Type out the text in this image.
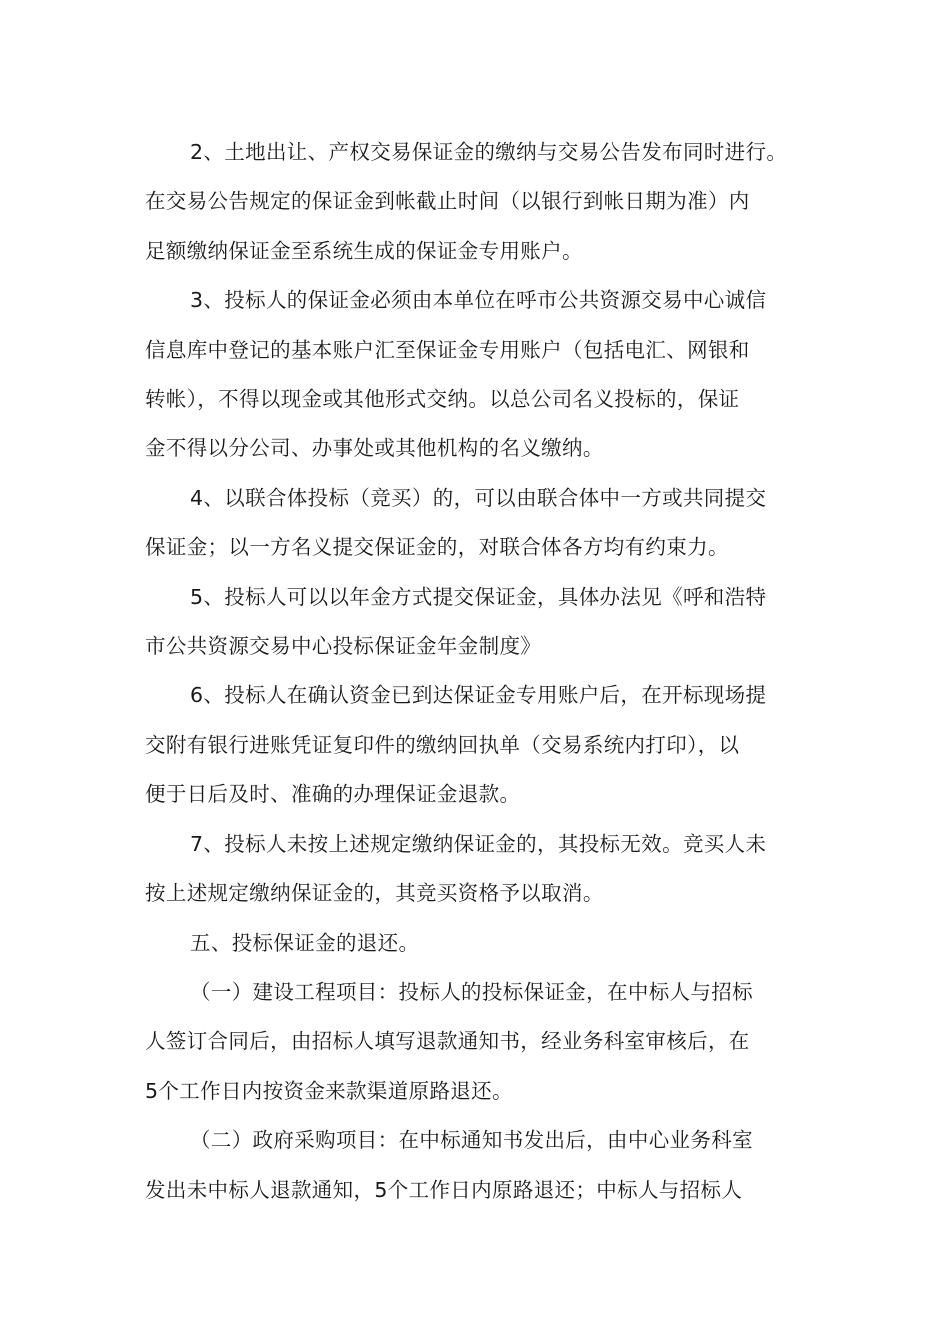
2、土地出让、产权交易保证金的缴纳与交易公告发布同时进行。
在交易公告规定的保证金到帐截止时间（以银行到帐日期为准）内
足额缴纳保证金至系统生成的保证金专用账户。

3、投标人的保证金必须由本单位在呼市公共资源交易中心诚信
信息库中登记的基本账户汇至保证金专用账户（包括电汇、网银和
转帐），不得以现金或其他形式交纳。以总公司名义投标的，保证
金不得以分公司、办事处或其他机构的名义缴纳。

4、以联合体投标（竞买）的，可以由联合体中一方或共同提交
保证金；以一方名义提交保证金的，对联合体各方均有约束力。

5、投标人可以以年金方式提交保证金，具体办法见《呼和浩特
市公共资源交易中心投标保证金年金制度》

6、投标人在确认资金已到达保证金专用账户后，在开标现场提
交附有银行进账凭证复印件的缴纳回执单（交易系统内打印），以
便于日后及时、准确的办理保证金退款。

7、投标人未按上述规定缴纳保证金的，其投标无效。竞买人未
按上述规定缴纳保证金的，其竞买资格予以取消。

五、投标保证金的退还。

（一）建设工程项目：投标人的投标保证金，在中标人与招标
人签订合同后，由招标人填写退款通知书，经业务科室审核后，在
5个工作日内按资金来款渠道原路退还。

（二）政府采购项目：在中标通知书发出后，由中心业务科室
发出未中标人退款通知，5个工作日内原路退还；中标人与招标人
